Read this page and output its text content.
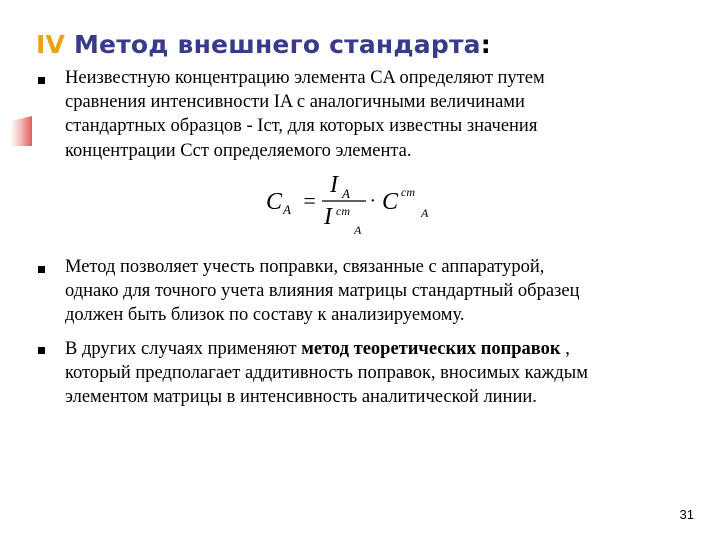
IV Метод внешнего стандарта:
Неизвестную концентрацию элемента CA определяют путем
сравнения интенсивности IA с аналогичными величинами
стандартных образцов - Iст, для которых известны значения
концентрации Cст определяемого элемента.
C A =
I A
I cm
A
· C cm
A
Метод позволяет учесть поправки, связанные с аппаратурой,
однако для точного учета влияния матрицы стандартный образец
должен быть близок по составу к анализируемому.
В других случаях применяют метод теоретических поправок ,
который предполагает аддитивность поправок, вносимых каждым
элементом матрицы в интенсивность аналитической линии.
31
